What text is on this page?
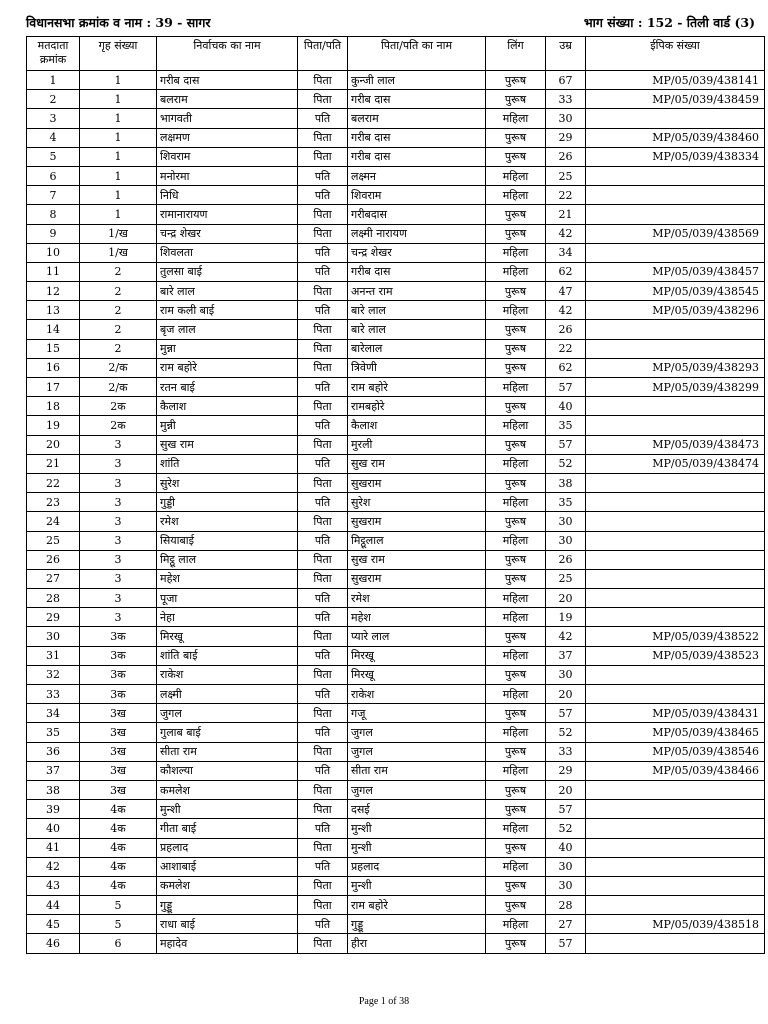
विधानसभा क्रमांक व नाम : 39 - सागर	भाग संख्या : 152 - तिली वार्ड (3)
मतदाता क्रमांक	गृह संख्या	निर्वाचक का नाम	पिता/पति	पिता/पति का नाम	लिंग	उम्र	ईपिक संख्या
1	1	गरीब दास	पिता	कुन्जी लाल	पुरूष	67	MP/05/039/438141
2	1	बलराम	पिता	गरीब दास	पुरूष	33	MP/05/039/438459
3	1	भागवती	पति	बलराम	महिला	30	
4	1	लक्षमण	पिता	गरीब दास	पुरूष	29	MP/05/039/438460
5	1	शिवराम	पिता	गरीब दास	पुरूष	26	MP/05/039/438334
6	1	मनोरमा	पति	लक्ष्मन	महिला	25	
7	1	निधि	पति	शिवराम	महिला	22	
8	1	रामानारायण	पिता	गरीबदास	पुरूष	21	
9	1/ख	चन्द्र शेखर	पिता	लक्ष्मी नारायण	पुरूष	42	MP/05/039/438569
10	1/ख	शिवलता	पति	चन्द्र शेखर	महिला	34	
11	2	तुलसा बाई	पति	गरीब दास	महिला	62	MP/05/039/438457
12	2	बारे लाल	पिता	अनन्त राम	पुरूष	47	MP/05/039/438545
13	2	राम कली बाई	पति	बारे लाल	महिला	42	MP/05/039/438296
14	2	बृज लाल	पिता	बारे लाल	पुरूष	26	
15	2	मुन्ना	पिता	बारेलाल	पुरूष	22	
16	2/क	राम बहोरे	पिता	त्रिवेणी	पुरूष	62	MP/05/039/438293
17	2/क	रतन बाई	पति	राम बहोरे	महिला	57	MP/05/039/438299
18	2क	कैलाश	पिता	रामबहोरे	पुरूष	40	
19	2क	मुन्नी	पति	कैलाश	महिला	35	
20	3	सुख राम	पिता	मुरली	पुरूष	57	MP/05/039/438473
21	3	शांति	पति	सुख राम	महिला	52	MP/05/039/438474
22	3	सुरेश	पिता	सुखराम	पुरूष	38	
23	3	गुड्डी	पति	सुरेश	महिला	35	
24	3	रमेश	पिता	सुखराम	पुरूष	30	
25	3	सियाबाई	पति	मिट्ठूलाल	महिला	30	
26	3	मिट्ठू लाल	पिता	सुख राम	पुरूष	26	
27	3	महेश	पिता	सुखराम	पुरूष	25	
28	3	पूजा	पति	रमेश	महिला	20	
29	3	नेहा	पति	महेश	महिला	19	
30	3क	मिरखू	पिता	प्यारे लाल	पुरूष	42	MP/05/039/438522
31	3क	शांति बाई	पति	मिरखू	महिला	37	MP/05/039/438523
32	3क	राकेश	पिता	मिरखू	पुरूष	30	
33	3क	लक्ष्मी	पति	राकेश	महिला	20	
34	3ख	जुगल	पिता	गजू	पुरूष	57	MP/05/039/438431
35	3ख	गुलाब बाई	पति	जुगल	महिला	52	MP/05/039/438465
36	3ख	सीता राम	पिता	जुगल	पुरूष	33	MP/05/039/438546
37	3ख	कौशल्या	पति	सीता राम	महिला	29	MP/05/039/438466
38	3ख	कमलेश	पिता	जुगल	पुरूष	20	
39	4क	मुन्शी	पिता	दसई	पुरूष	57	
40	4क	गीता बाई	पति	मुन्शी	महिला	52	
41	4क	प्रहलाद	पिता	मुन्शी	पुरूष	40	
42	4क	आशाबाई	पति	प्रहलाद	महिला	30	
43	4क	कमलेश	पिता	मुन्शी	पुरूष	30	
44	5	गुड्डू	पिता	राम बहोरे	पुरूष	28	
45	5	राधा बाई	पति	गुड्डू	महिला	27	MP/05/039/438518
46	6	महादेव	पिता	हीरा	पुरूष	57	
Page 1 of 38
